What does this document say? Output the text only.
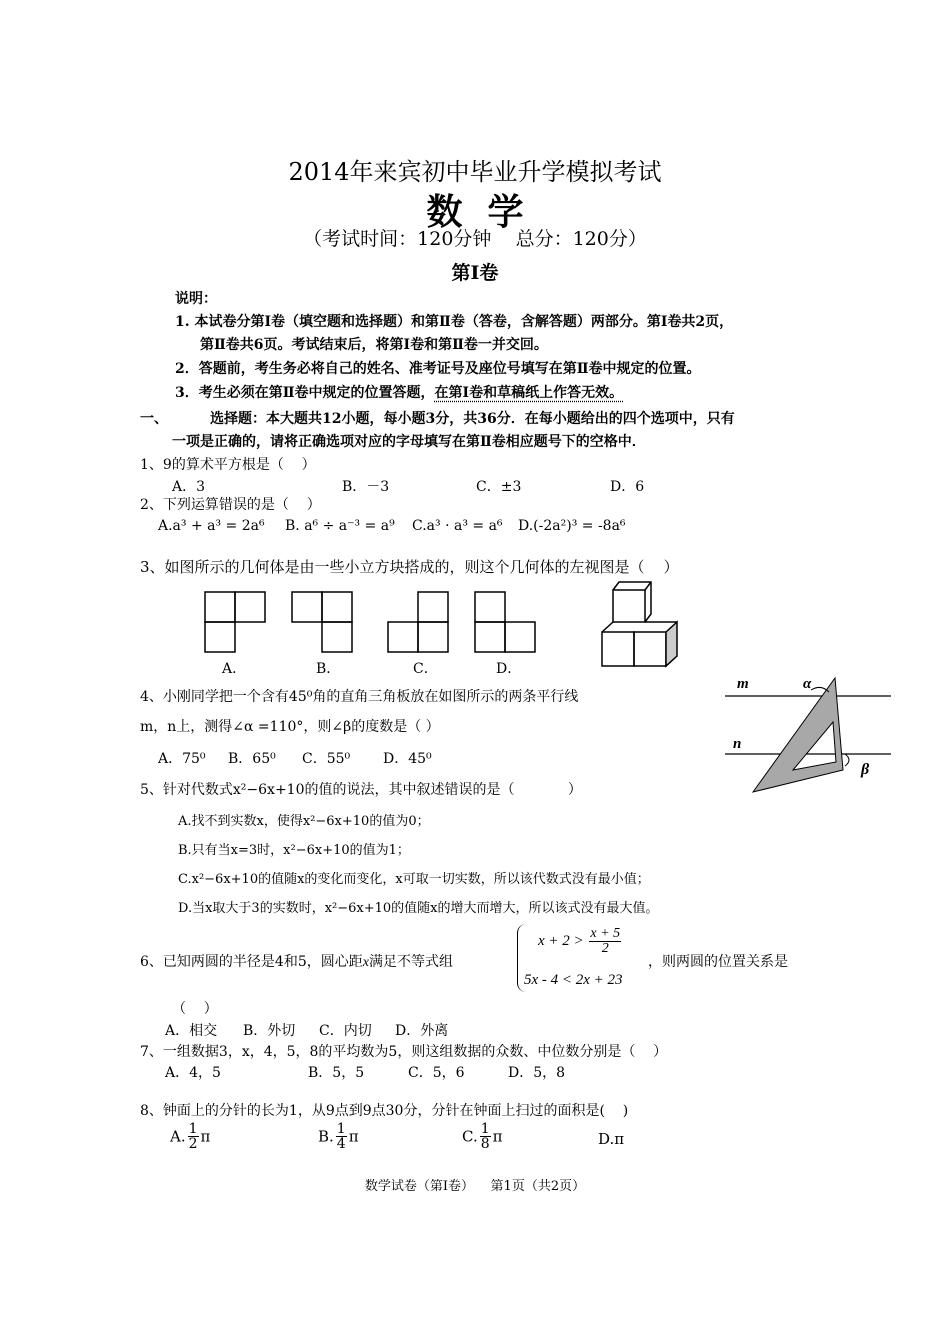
2014年来宾初中毕业升学模拟考试
数  学
（考试时间：120分钟    总分：120分）
第Ⅰ卷
说明：
1. 本试卷分第Ⅰ卷（填空题和选择题）和第Ⅱ卷（答卷，含解答题）两部分。第Ⅰ卷共2页，
第Ⅱ卷共6页。考试结束后，将第Ⅰ卷和第Ⅱ卷一并交回。
2．答题前，考生务必将自己的姓名、准考证号及座位号填写在第Ⅱ卷中规定的位置。
3．考生必须在第Ⅱ卷中规定的位置答题，在第Ⅰ卷和草稿纸上作答无效。
一、	选择题：本大题共12小题，每小题3分，共36分．在每小题给出的四个选项中，只有
一项是正确的，请将正确选项对应的字母填写在第Ⅱ卷相应题号下的空格中．
1、9的算术平方根是（    ）
A．3	B．－3	C．±3	D．6
2、下列运算错误的是（    ）
A.a³ + a³ = 2a⁶ B. a⁶ ÷ a⁻³ = a⁹ C.a³ · a³ = a⁶ D.(-2a²)³ = -8a⁶
3、如图所示的几何体是由一些小立方块搭成的，则这个几何体的左视图是（    ）
A．	B．	C．	D．
4、小刚同学把一个含有45⁰角的直角三角板放在如图所示的两条平行线
m，n上，测得∠α =110°，则∠β的度数是（ ）
A．75⁰ B．65⁰ C．55⁰ D．45⁰
m	α
n
β
5、针对代数式x²−6x+10的值的说法，其中叙述错误的是（            ）
A.找不到实数x，使得x²−6x+10的值为0；
B.只有当x=3时，x²−6x+10的值为1；
C.x²−6x+10的值随x的变化而变化，x可取一切实数，所以该代数式没有最小值；
D.当x取大于3的实数时，x²−6x+10的值随x的增大而增大，所以该式没有最大值。
6、已知两圆的半径是4和5，圆心距x满足不等式组
$x + 2 > \frac{x + 5}{2}$
5x - 4 < 2x + 23
，则两圆的位置关系是
（    ）
A．相交 B．外切 C．内切 D．外离
7、一组数据3，x，4，5，8的平均数为5，则这组数据的众数、中位数分别是（    ）
A．4，5	B．5，5	C．5，6	D．5，8
8、钟面上的分针的长为1，从9点到9点30分，分针在钟面上扫过的面积是(    )
A. $\frac{1}{2}$ π	B. $\frac{1}{4}$ π	C. $\frac{1}{8}$ π	D.π
数学试卷（第Ⅰ卷）    第1页（共2页）
